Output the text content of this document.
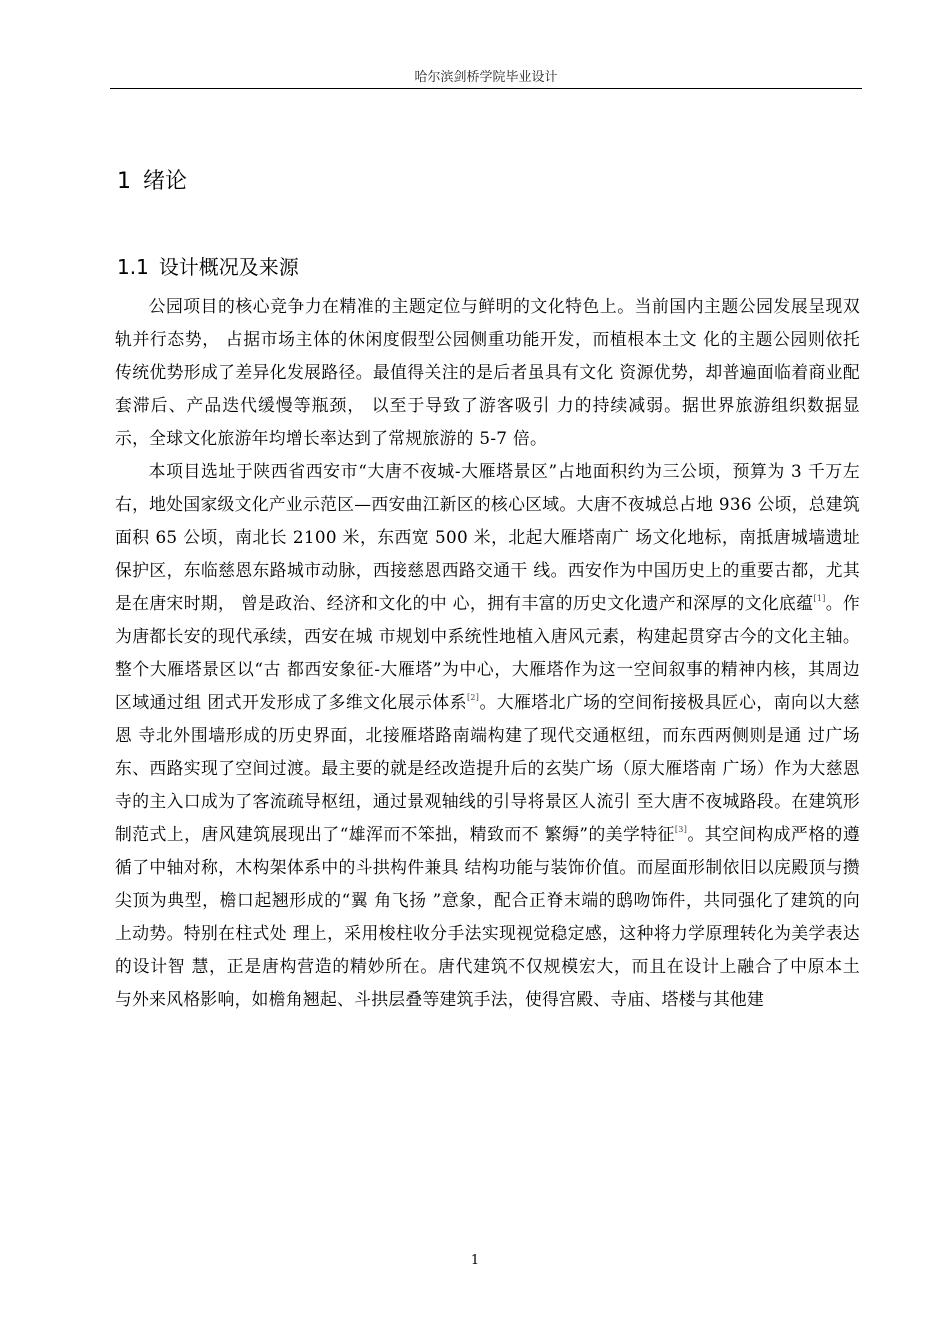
哈尔滨剑桥学院毕业设计
1 绪论
1.1 设计概况及来源

公园项目的核心竞争力在精准的主题定位与鲜明的文化特色上。当前国内主题公园发展呈现双轨并行态势， 占据市场主体的休闲度假型公园侧重功能开发，而植根本土文 化的主题公园则依托传统优势形成了差异化发展路径。最值得关注的是后者虽具有文化 资源优势，却普遍面临着商业配套滞后、产品迭代缓慢等瓶颈， 以至于导致了游客吸引 力的持续减弱。据世界旅游组织数据显示，全球文化旅游年均增长率达到了常规旅游的 5-7 倍。

本项目选址于陕西省西安市“大唐不夜城-大雁塔景区”占地面积约为三公顷，预算为 3 千万左右，地处国家级文化产业示范区—西安曲江新区的核心区域。大唐不夜城总占地 936 公顷，总建筑面积 65 公顷，南北长 2100 米，东西宽 500 米，北起大雁塔南广 场文化地标，南抵唐城墙遗址保护区，东临慈恩东路城市动脉，西接慈恩西路交通干 线。西安作为中国历史上的重要古都，尤其是在唐宋时期， 曾是政治、经济和文化的中 心，拥有丰富的历史文化遗产和深厚的文化底蕴[1]。作为唐都长安的现代承续，西安在城 市规划中系统性地植入唐风元素，构建起贯穿古今的文化主轴。整个大雁塔景区以“古 都西安象征-大雁塔”为中心，大雁塔作为这一空间叙事的精神内核，其周边区域通过组 团式开发形成了多维文化展示体系[2]。大雁塔北广场的空间衔接极具匠心，南向以大慈恩 寺北外围墙形成的历史界面，北接雁塔路南端构建了现代交通枢纽，而东西两侧则是通 过广场东、西路实现了空间过渡。最主要的就是经改造提升后的玄奘广场（原大雁塔南 广场）作为大慈恩寺的主入口成为了客流疏导枢纽，通过景观轴线的引导将景区人流引 至大唐不夜城路段。在建筑形制范式上，唐风建筑展现出了“雄浑而不笨拙，精致而不 繁缛”的美学特征[3]。其空间构成严格的遵循了中轴对称，木构架体系中的斗拱构件兼具 结构功能与装饰价值。而屋面形制依旧以庑殿顶与攒尖顶为典型，檐口起翘形成的“翼 角飞扬 ”意象，配合正脊末端的鸱吻饰件，共同强化了建筑的向上动势。特别在柱式处 理上，采用梭柱收分手法实现视觉稳定感，这种将力学原理转化为美学表达的设计智 慧，正是唐构营造的精妙所在。唐代建筑不仅规模宏大，而且在设计上融合了中原本土 与外来风格影响，如檐角翘起、斗拱层叠等建筑手法，使得宫殿、寺庙、塔楼与其他建

1
